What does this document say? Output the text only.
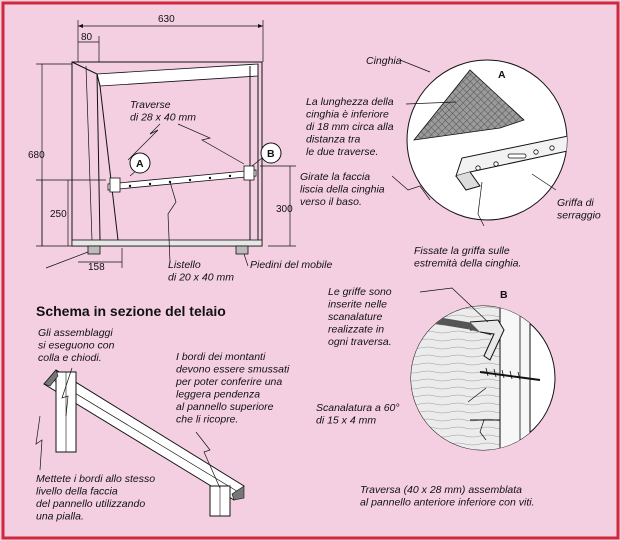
630
80
680
250	300
158
Traverse di 28 x 40 mm
A
B
Listello di 20 x 40 mm
Piedini del mobile
Schema in sezione del telaio
Gli assemblaggi si eseguono con colla e chiodi.	I bordi dei montanti devono essere smussati per poter conferire una leggera pendenza al pannello superiore che li ricopre.
Mettete i bordi allo stesso livello della faccia del pannello utilizzando una pialla.
A
Cinghia
La lunghezza della cinghia è inferiore di 18 mm circa alla distanza tra le due traverse.
Girate la faccia liscia della cinghia verso il baso.	Griffa di serraggio
Fissate la griffa sulle estremità della cinghia.
B
Le griffe sono inserite nelle scanalature realizzate in ogni traversa.
Scanalatura a 60° di 15 x 4 mm
Traversa (40 x 28 mm) assemblata al pannello anteriore inferiore con viti.
